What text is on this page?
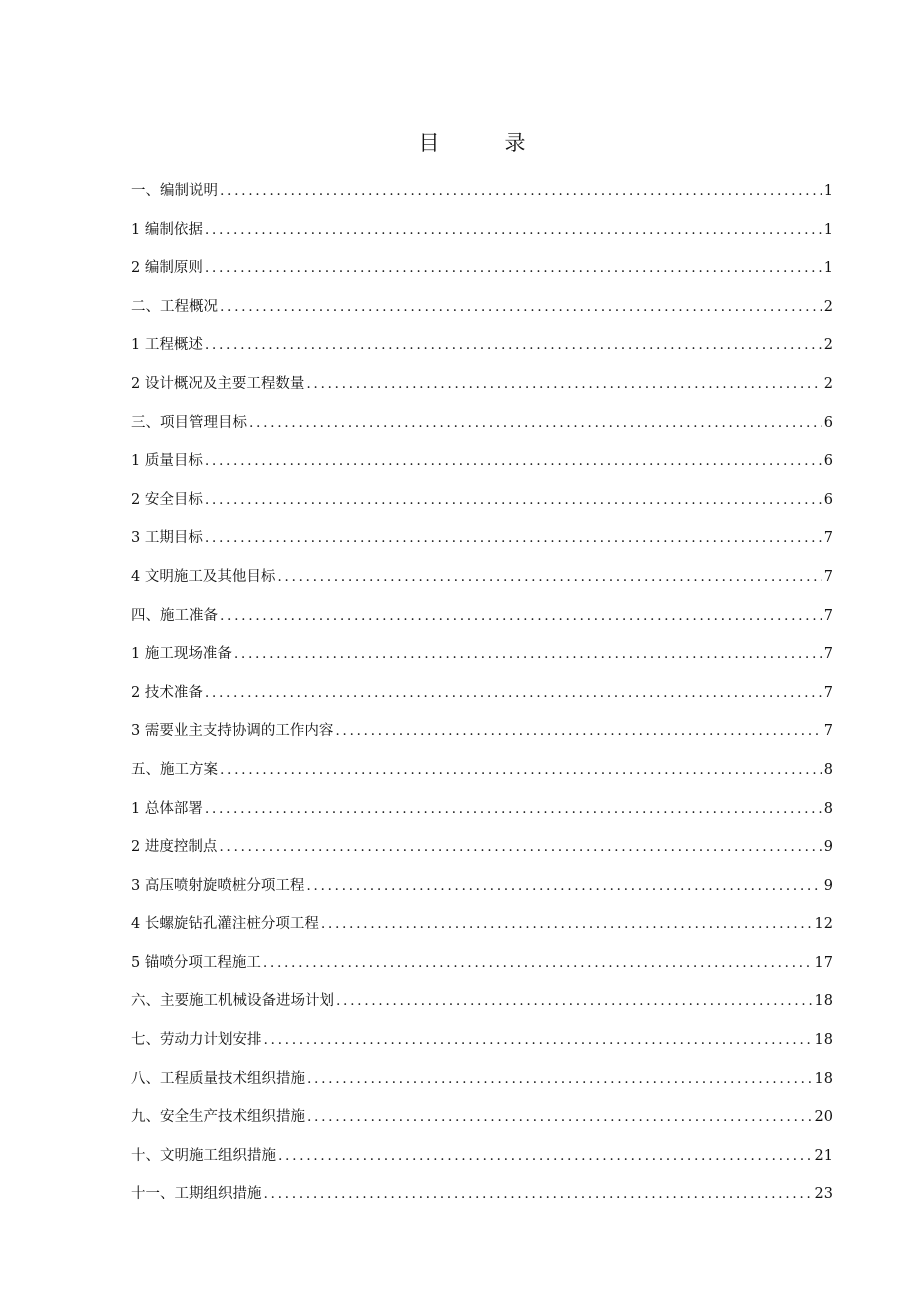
目　录
一、编制说明 .....	1
1 编制依据 .....	1
2 编制原则 .....	1
二、工程概况 .....	2
1 工程概述 .....	2
2 设计概况及主要工程数量 .....	2
三、项目管理目标 .....	6
1 质量目标 .....	6
2 安全目标 .....	6
3 工期目标 .....	7
4 文明施工及其他目标 .....	7
四、施工准备 .....	7
1 施工现场准备 .....	7
2 技术准备 .....	7
3 需要业主支持协调的工作内容 .....	7
五、施工方案 .....	8
1 总体部署 .....	8
2 进度控制点 .....	9
3 高压喷射旋喷桩分项工程 .....	9
4 长螺旋钻孔灌注桩分项工程 .....	12
5 锚喷分项工程施工 .....	17
六、主要施工机械设备进场计划 .....	18
七、劳动力计划安排 .....	18
八、工程质量技术组织措施 .....	18
九、安全生产技术组织措施 .....	20
十、文明施工组织措施 .....	21
十一、工期组织措施 .....	23
